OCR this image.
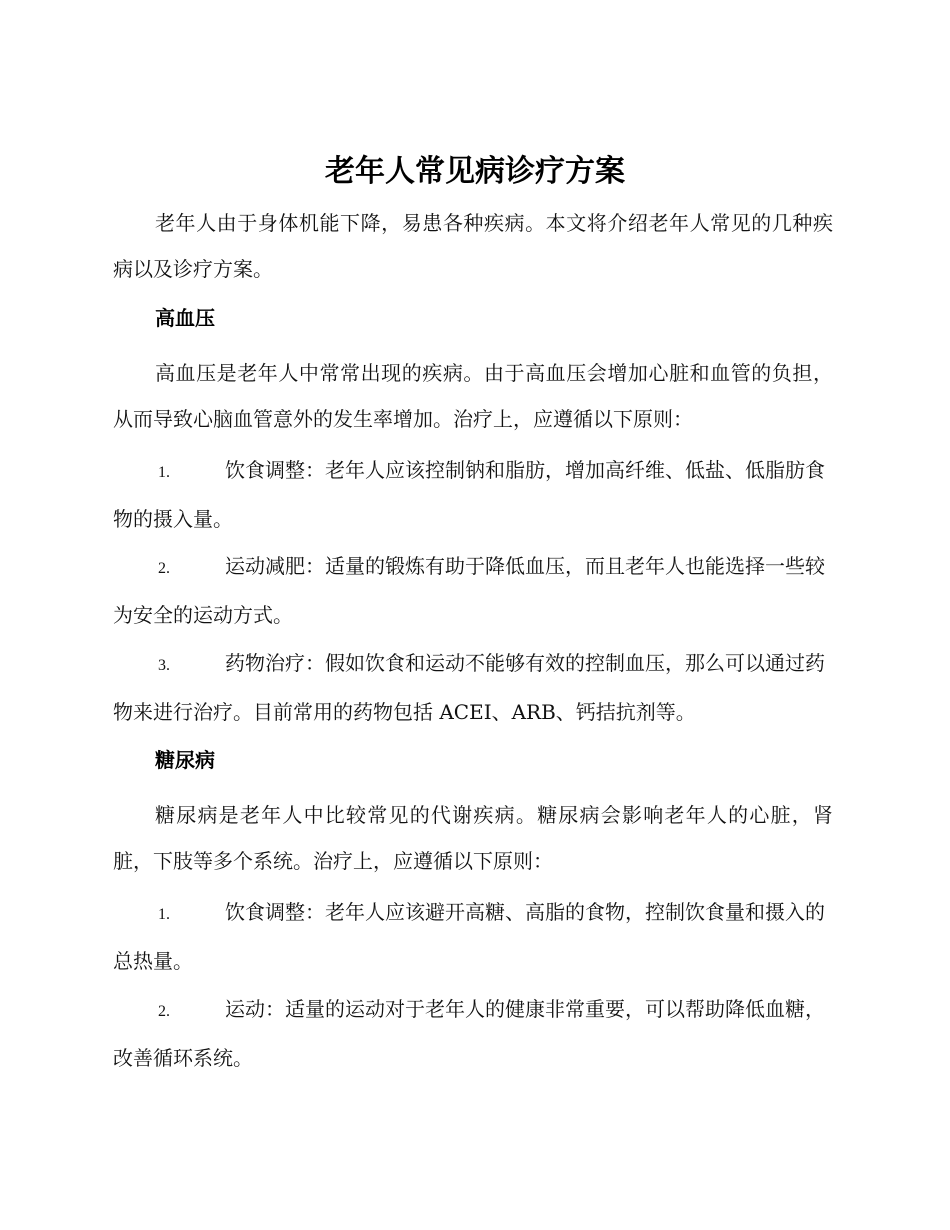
老年人常见病诊疗方案

老年人由于身体机能下降，易患各种疾病。本文将介绍老年人常见的几种疾病以及诊疗方案。

高血压

高血压是老年人中常常出现的疾病。由于高血压会增加心脏和血管的负担，从而导致心脑血管意外的发生率增加。治疗上，应遵循以下原则：

1.	饮食调整：老年人应该控制钠和脂肪，增加高纤维、低盐、低脂肪食物的摄入量。

2.	运动减肥：适量的锻炼有助于降低血压，而且老年人也能选择一些较为安全的运动方式。

3.	药物治疗：假如饮食和运动不能够有效的控制血压，那么可以通过药物来进行治疗。目前常用的药物包括 ACEI、ARB、钙拮抗剂等。

糖尿病

糖尿病是老年人中比较常见的代谢疾病。糖尿病会影响老年人的心脏，肾脏，下肢等多个系统。治疗上，应遵循以下原则：

1.	饮食调整：老年人应该避开高糖、高脂的食物，控制饮食量和摄入的总热量。

2.	运动：适量的运动对于老年人的健康非常重要，可以帮助降低血糖，改善循环系统。
